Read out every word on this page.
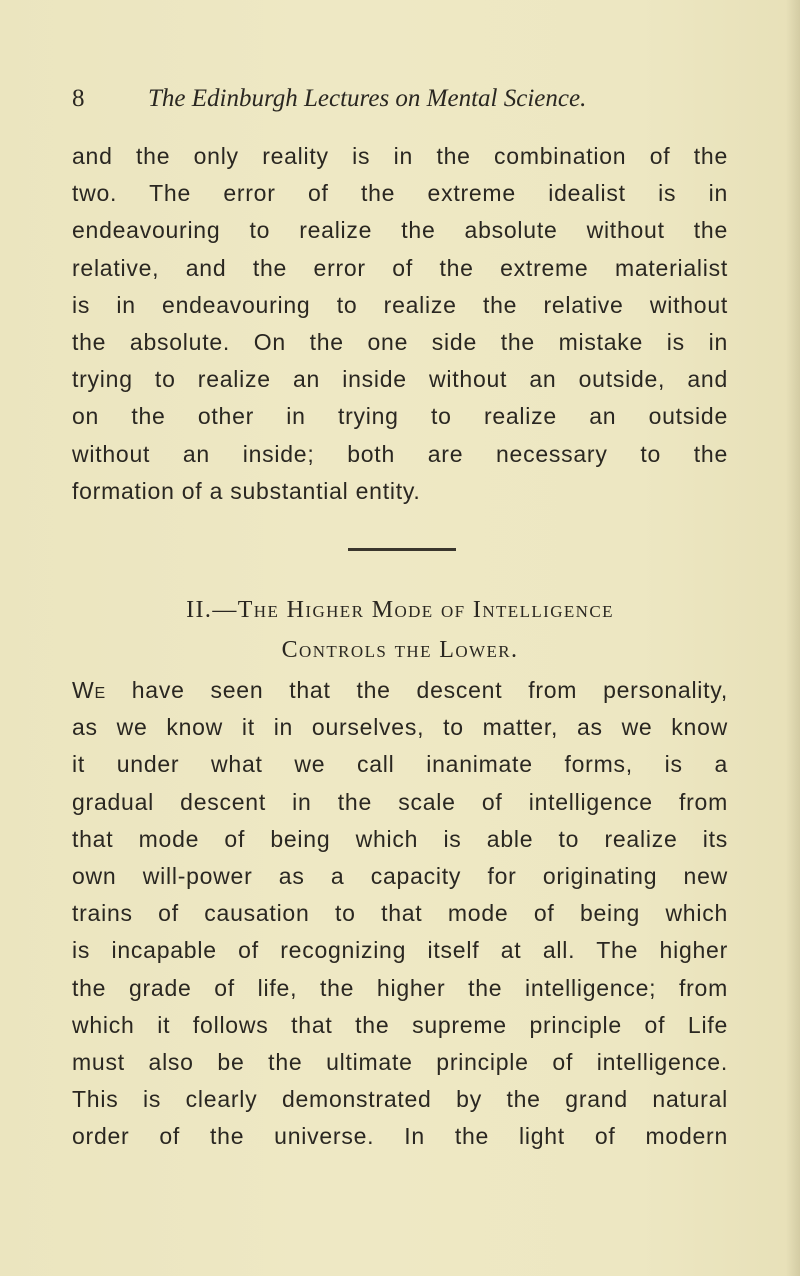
8	The Edinburgh Lectures on Mental Science.
and the only reality is in the combination of the
two. The error of the extreme idealist is in
endeavouring to realize the absolute without the
relative, and the error of the extreme materialist
is in endeavouring to realize the relative without
the absolute. On the one side the mistake is in
trying to realize an inside without an outside, and
on the other in trying to realize an outside
without an inside; both are necessary to the
formation of a substantial entity.
II.—The Higher Mode of Intelligence
Controls the Lower.
We have seen that the descent from personality,
as we know it in ourselves, to matter, as we know
it under what we call inanimate forms, is a
gradual descent in the scale of intelligence from
that mode of being which is able to realize its
own will-power as a capacity for originating new
trains of causation to that mode of being which
is incapable of recognizing itself at all. The higher
the grade of life, the higher the intelligence; from
which it follows that the supreme principle of Life
must also be the ultimate principle of intelligence.
This is clearly demonstrated by the grand natural
order of the universe. In the light of modern
